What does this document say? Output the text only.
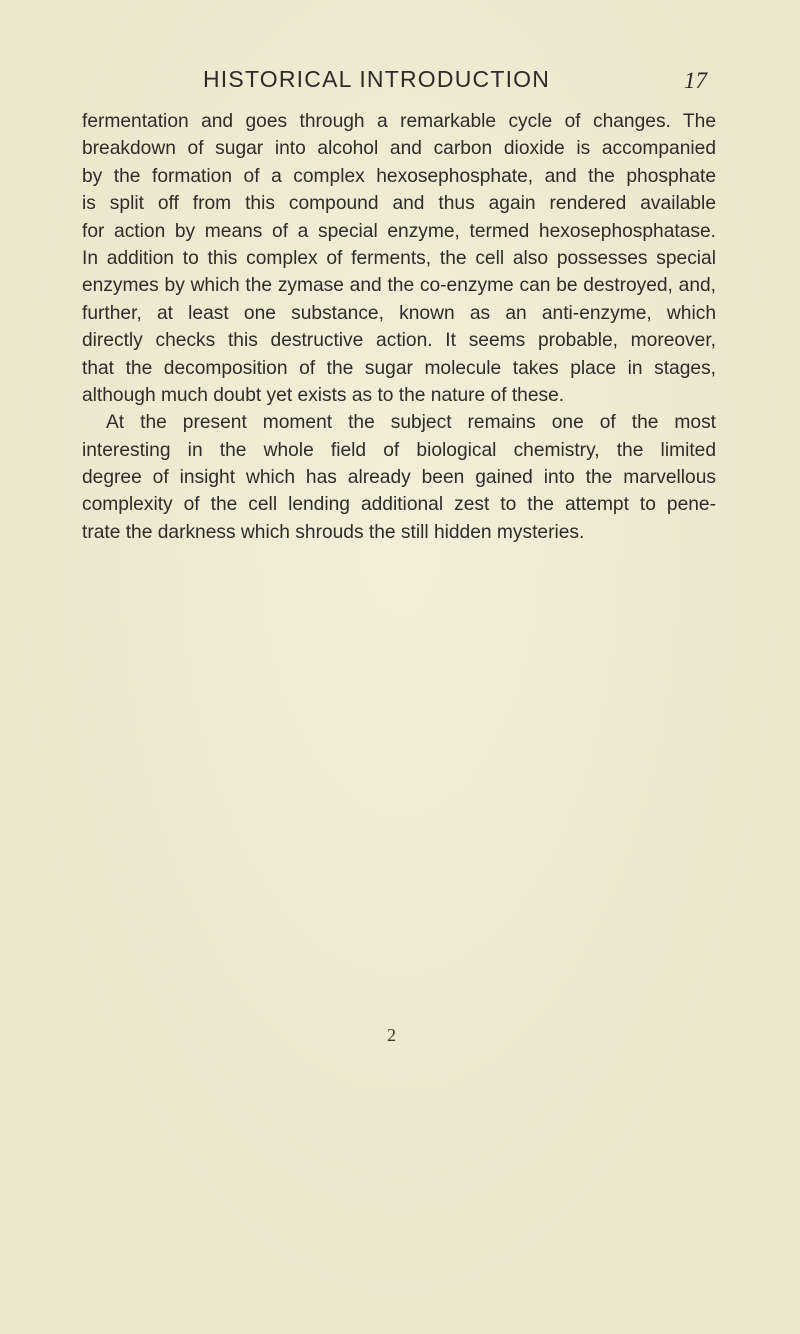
HISTORICAL INTRODUCTION	17
fermentation and goes through a remarkable cycle of changes. The
breakdown of sugar into alcohol and carbon dioxide is accompanied
by the formation of a complex hexosephosphate, and the phosphate
is split off from this compound and thus again rendered available
for action by means of a special enzyme, termed hexosephosphatase.
In addition to this complex of ferments, the cell also possesses special
enzymes by which the zymase and the co-enzyme can be destroyed, and,
further, at least one substance, known as an anti-enzyme, which
directly checks this destructive action. It seems probable, moreover,
that the decomposition of the sugar molecule takes place in stages,
although much doubt yet exists as to the nature of these.
At the present moment the subject remains one of the most
interesting in the whole field of biological chemistry, the limited
degree of insight which has already been gained into the marvellous
complexity of the cell lending additional zest to the attempt to pene-
trate the darkness which shrouds the still hidden mysteries.
2
